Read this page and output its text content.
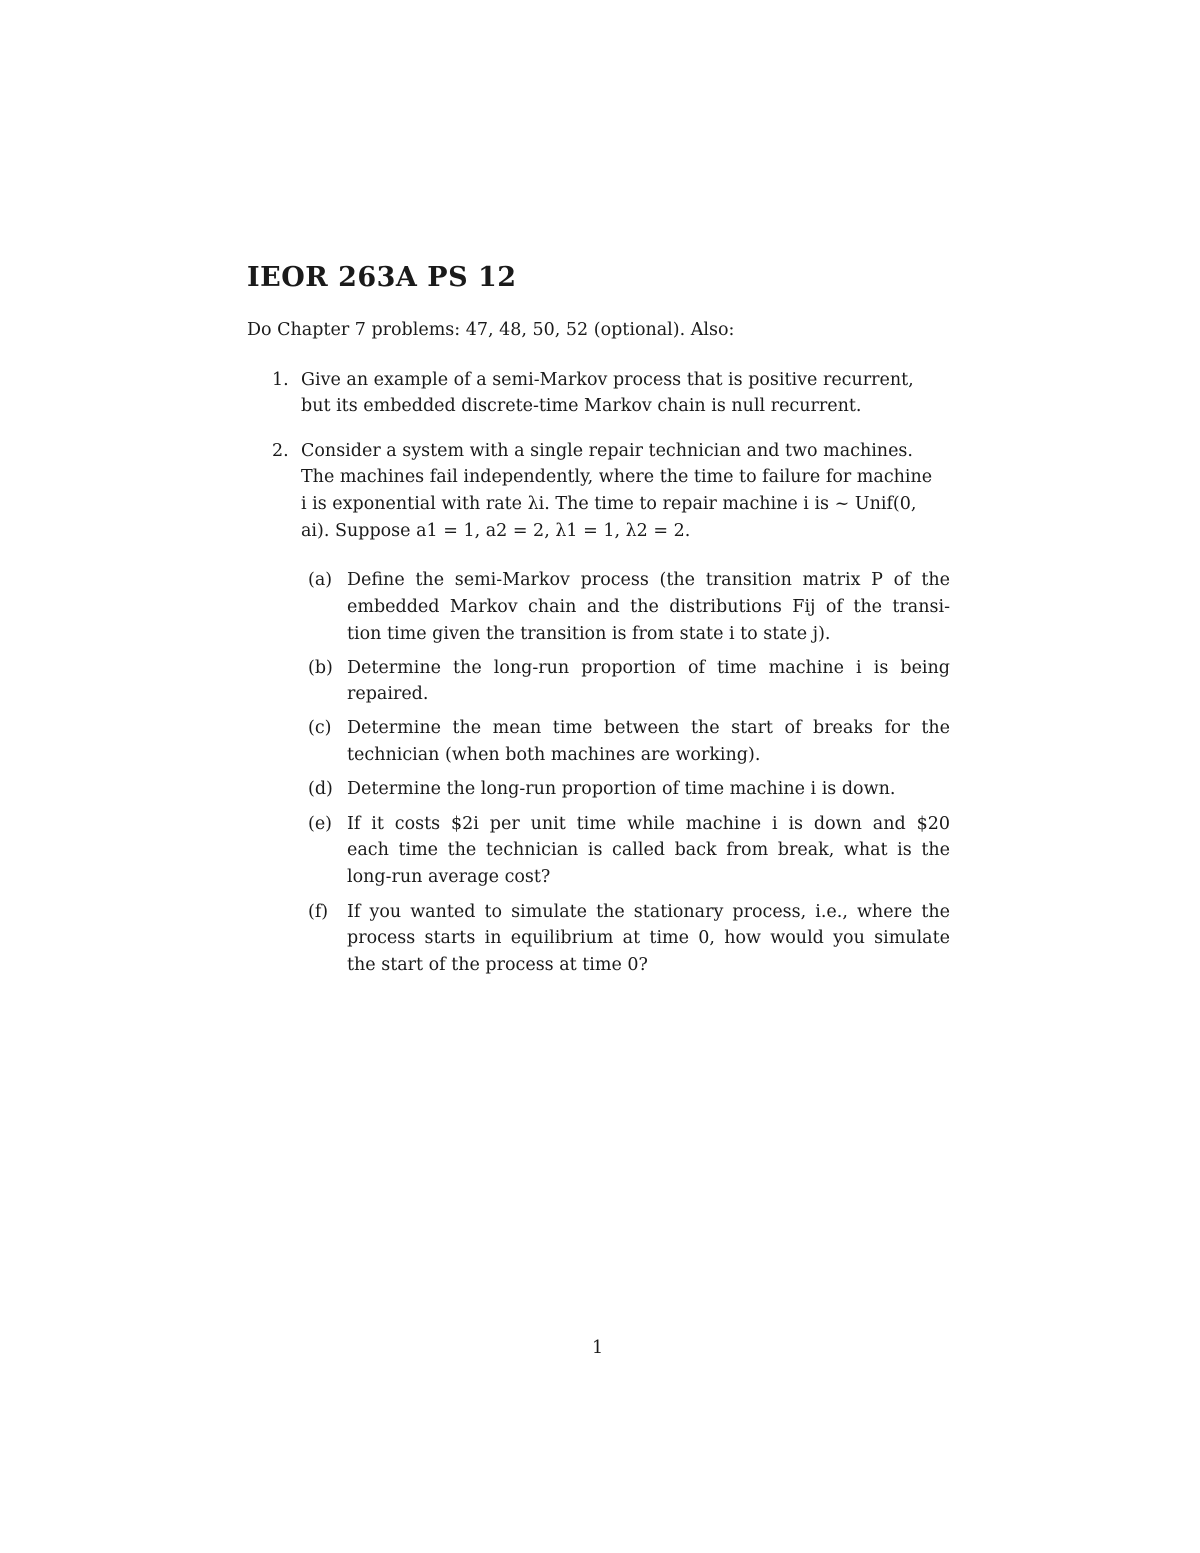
IEOR 263A PS 12
Do Chapter 7 problems: 47, 48, 50, 52 (optional). Also:
1. Give an example of a semi-Markov process that is positive recurrent,
but its embedded discrete-time Markov chain is null recurrent.
2. Consider a system with a single repair technician and two machines.
The machines fail independently, where the time to failure for machine
i is exponential with rate λi. The time to repair machine i is ~ Unif(0,
ai). Suppose a1 = 1, a2 = 2, λ1 = 1, λ2 = 2.
(a) Define the semi-Markov process (the transition matrix P of the
embedded Markov chain and the distributions Fij of the transi-
tion time given the transition is from state i to state j).
(b) Determine the long-run proportion of time machine i is being
repaired.
(c) Determine the mean time between the start of breaks for the
technician (when both machines are working).
(d) Determine the long-run proportion of time machine i is down.
(e) If it costs $2i per unit time while machine i is down and $20
each time the technician is called back from break, what is the
long-run average cost?
(f) If you wanted to simulate the stationary process, i.e., where the
process starts in equilibrium at time 0, how would you simulate
the start of the process at time 0?
1
